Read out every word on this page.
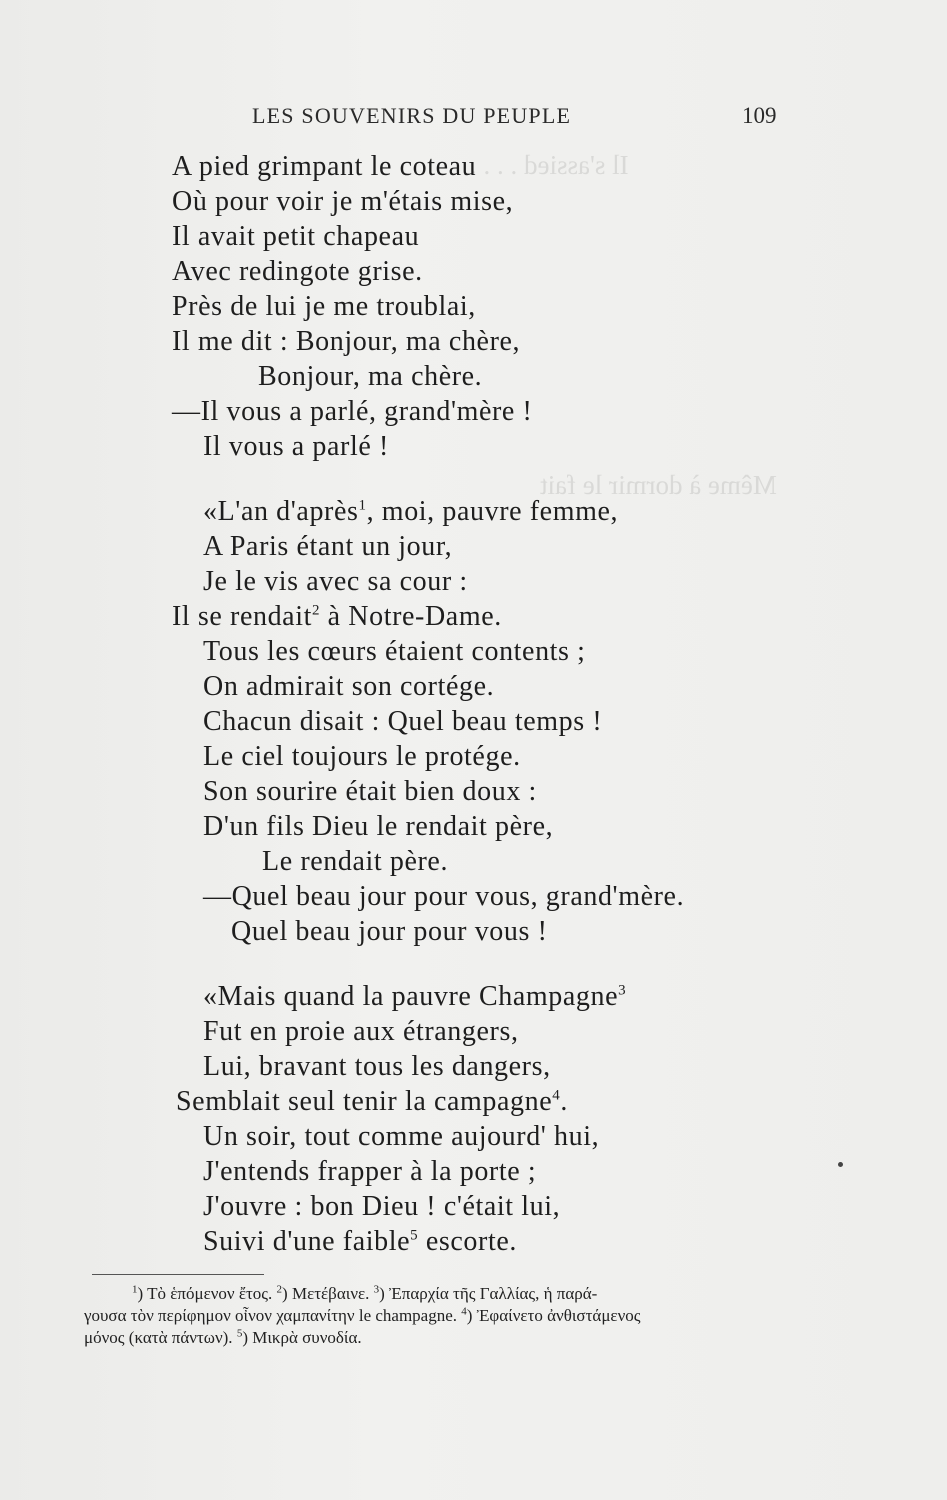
Il s'assied . . . .
Même à dormir le fait
LES SOUVENIRS DU PEUPLE	109
A pied grimpant le coteau
Où pour voir je m'étais mise,
Il avait petit chapeau
Avec redingote grise.
Près de lui je me troublai,
Il me dit : Bonjour, ma chère,
Bonjour, ma chère.
—Il vous a parlé, grand'mère !
Il vous a parlé !
«L'an d'après$^1$, moi, pauvre femme,
A Paris étant un jour,
Je le vis avec sa cour :
Il se rendait$^2$ à Notre-Dame.
Tous les cœurs étaient contents ;
On admirait son cortége.
Chacun disait : Quel beau temps !
Le ciel toujours le protége.
Son sourire était bien doux :
D'un fils Dieu le rendait père,
Le rendait père.
—Quel beau jour pour vous, grand'mère.
Quel beau jour pour vous !
«Mais quand la pauvre Champagne$^3$
Fut en proie aux étrangers,
Lui, bravant tous les dangers,
Semblait seul tenir la campagne$^4$.
Un soir, tout comme aujourd' hui,
J'entends frapper à la porte ;
J'ouvre : bon Dieu ! c'était lui,
Suivi d'une faible$^5$ escorte.
$^1$) Τὸ ἑπόμενον ἔτος. $^2$) Μετέβαινε. $^3$) Ἐπαρχία τῆς Γαλλίας, ἡ παρά-
γουσα τὸν περίφημον οἶνον χαμπανίτην le champagne. $^4$) Ἐφαίνετο ἀνθιστάμενος
μόνος (κατὰ πάντων). $^5$) Μικρὰ συνοδία.
